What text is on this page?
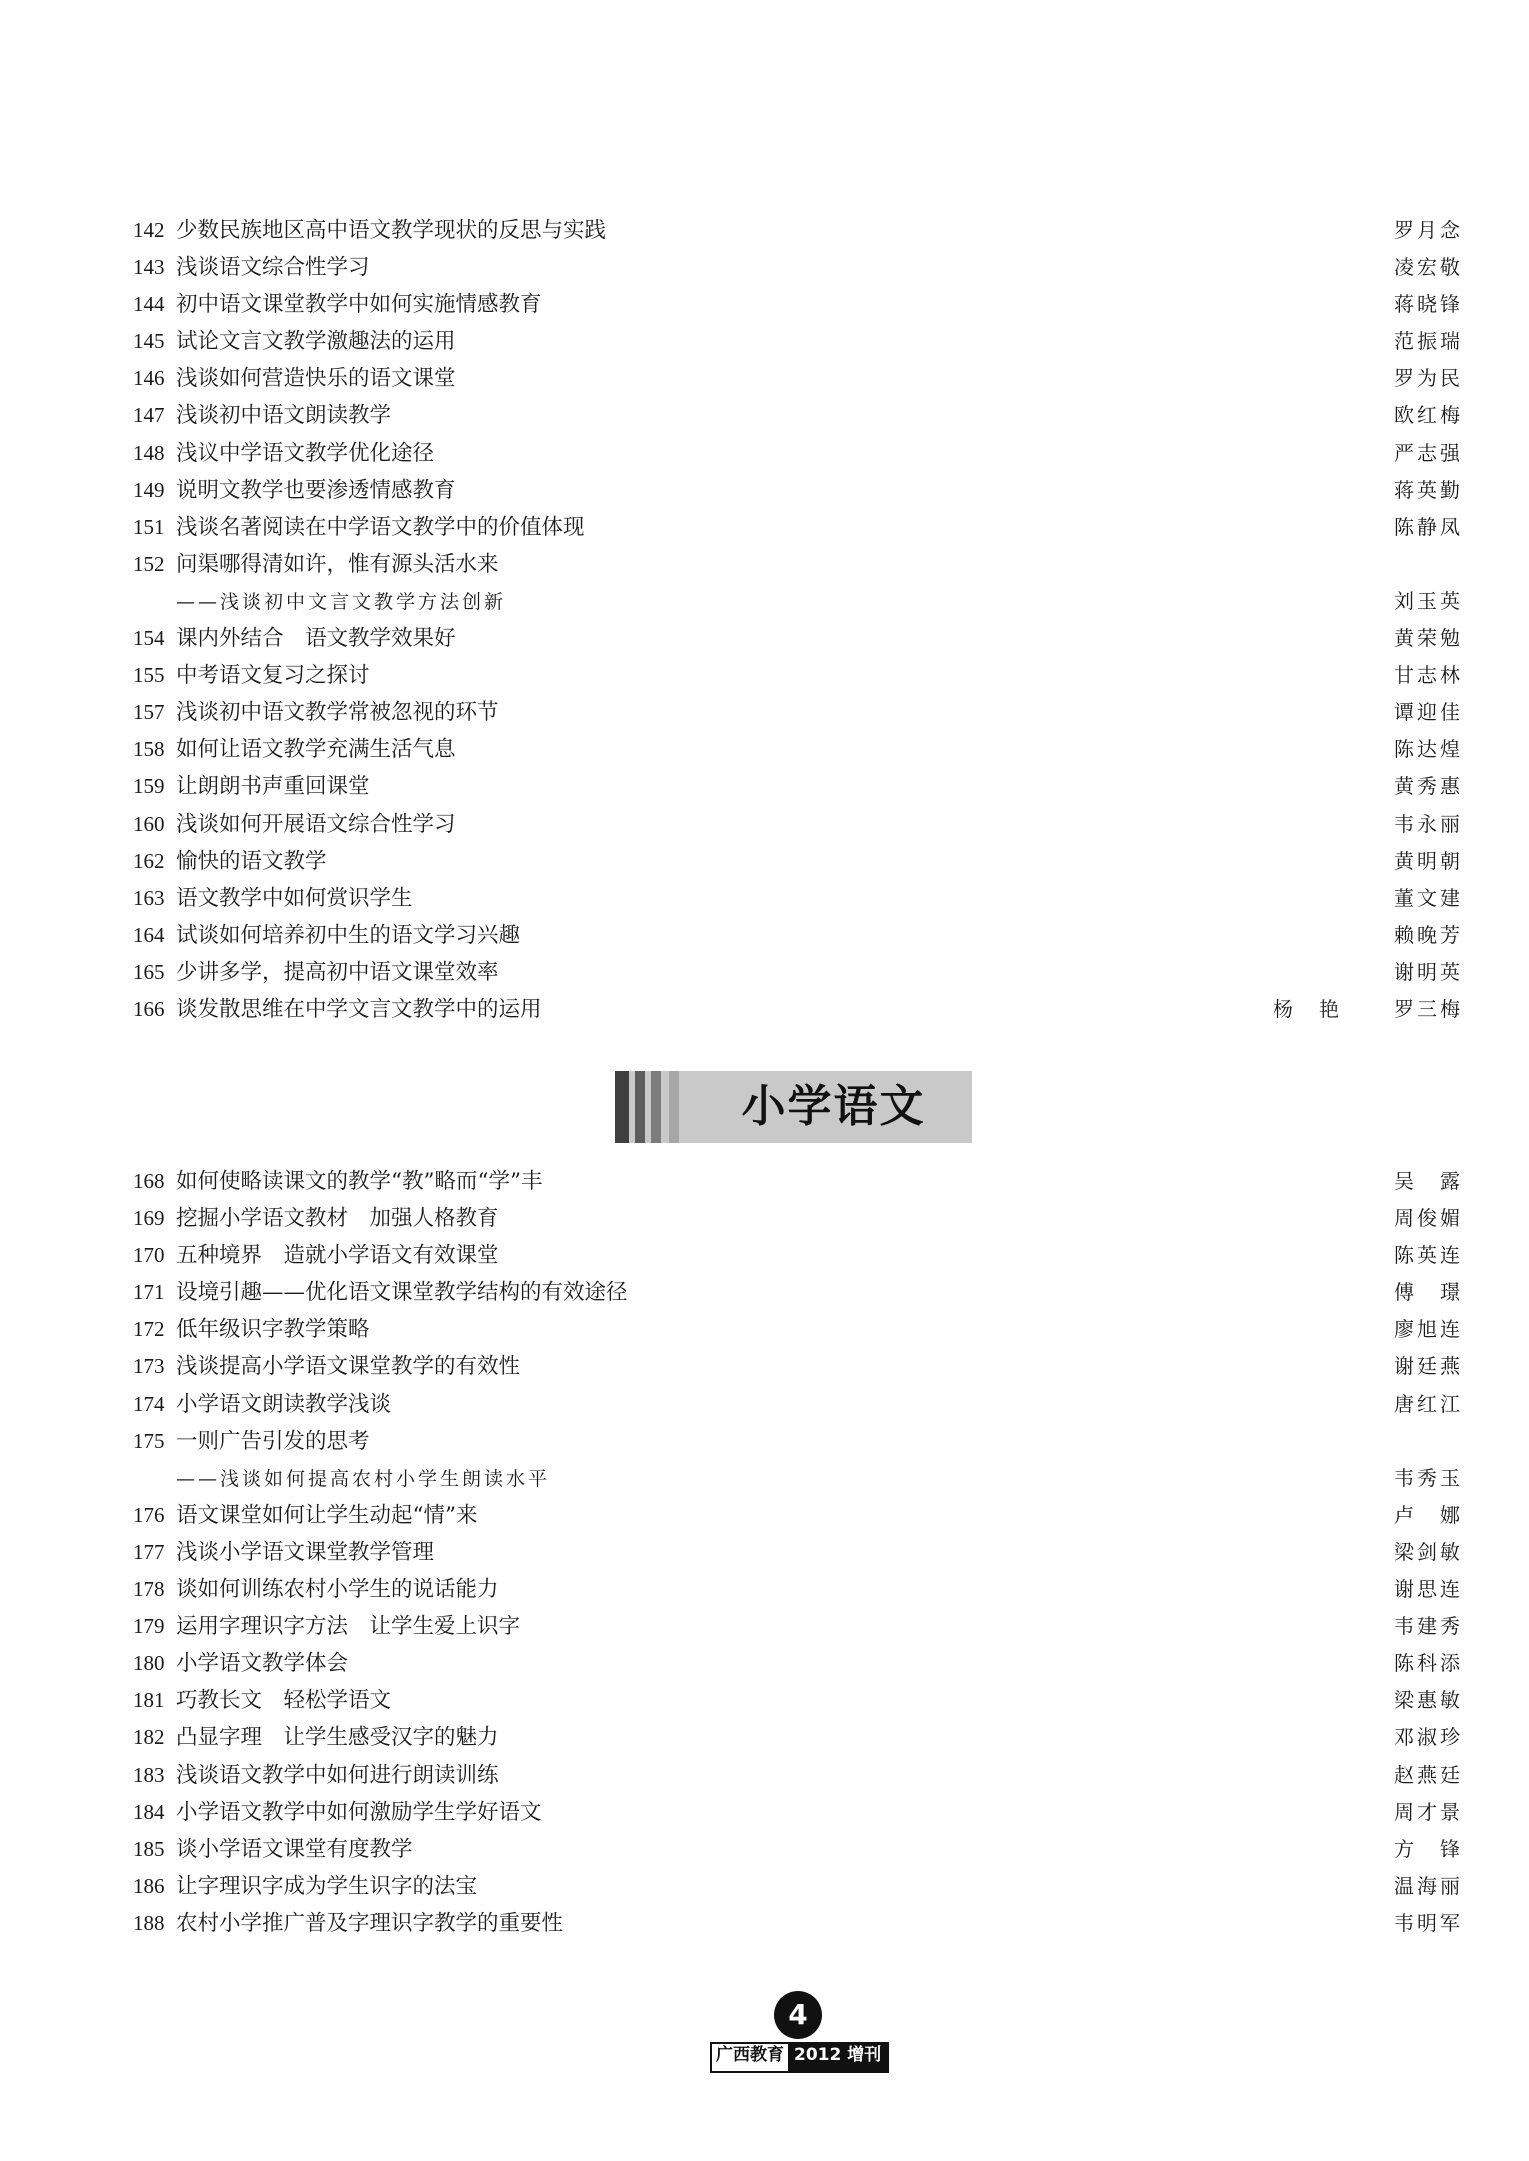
142 少数民族地区高中语文教学现状的反思与实践	罗月念
143 浅谈语文综合性学习	凌宏敬
144 初中语文课堂教学中如何实施情感教育	蒋晓锋
145 试论文言文教学激趣法的运用	范振瑞
146 浅谈如何营造快乐的语文课堂	罗为民
147 浅谈初中语文朗读教学	欧红梅
148 浅议中学语文教学优化途径	严志强
149 说明文教学也要渗透情感教育	蒋英勤
151 浅谈名著阅读在中学语文教学中的价值体现	陈静凤
152 问渠哪得清如许，惟有源头活水来
——浅谈初中文言文教学方法创新	刘玉英
154 课内外结合　语文教学效果好	黄荣勉
155 中考语文复习之探讨	甘志林
157 浅谈初中语文教学常被忽视的环节	谭迎佳
158 如何让语文教学充满生活气息	陈达煌
159 让朗朗书声重回课堂	黄秀惠
160 浅谈如何开展语文综合性学习	韦永丽
162 愉快的语文教学	黄明朝
163 语文教学中如何赏识学生	董文建
164 试谈如何培养初中生的语文学习兴趣	赖晚芳
165 少讲多学，提高初中语文课堂效率	谢明英
166 谈发散思维在中学文言文教学中的运用	杨　艳	罗三梅
小学语文
168 如何使略读课文的教学“教”略而“学”丰	吴　露
169 挖掘小学语文教材　加强人格教育	周俊媚
170 五种境界　造就小学语文有效课堂	陈英连
171 设境引趣——优化语文课堂教学结构的有效途径	傅　璟
172 低年级识字教学策略	廖旭连
173 浅谈提高小学语文课堂教学的有效性	谢廷燕
174 小学语文朗读教学浅谈	唐红江
175 一则广告引发的思考
——浅谈如何提高农村小学生朗读水平	韦秀玉
176 语文课堂如何让学生动起“情”来	卢　娜
177 浅谈小学语文课堂教学管理	梁剑敏
178 谈如何训练农村小学生的说话能力	谢思连
179 运用字理识字方法　让学生爱上识字	韦建秀
180 小学语文教学体会	陈科添
181 巧教长文　轻松学语文	梁惠敏
182 凸显字理　让学生感受汉字的魅力	邓淑珍
183 浅谈语文教学中如何进行朗读训练	赵燕廷
184 小学语文教学中如何激励学生学好语文	周才景
185 谈小学语文课堂有度教学	方　锋
186 让字理识字成为学生识字的法宝	温海丽
188 农村小学推广普及字理识字教学的重要性	韦明军
4
广西教育 2012 增刊
